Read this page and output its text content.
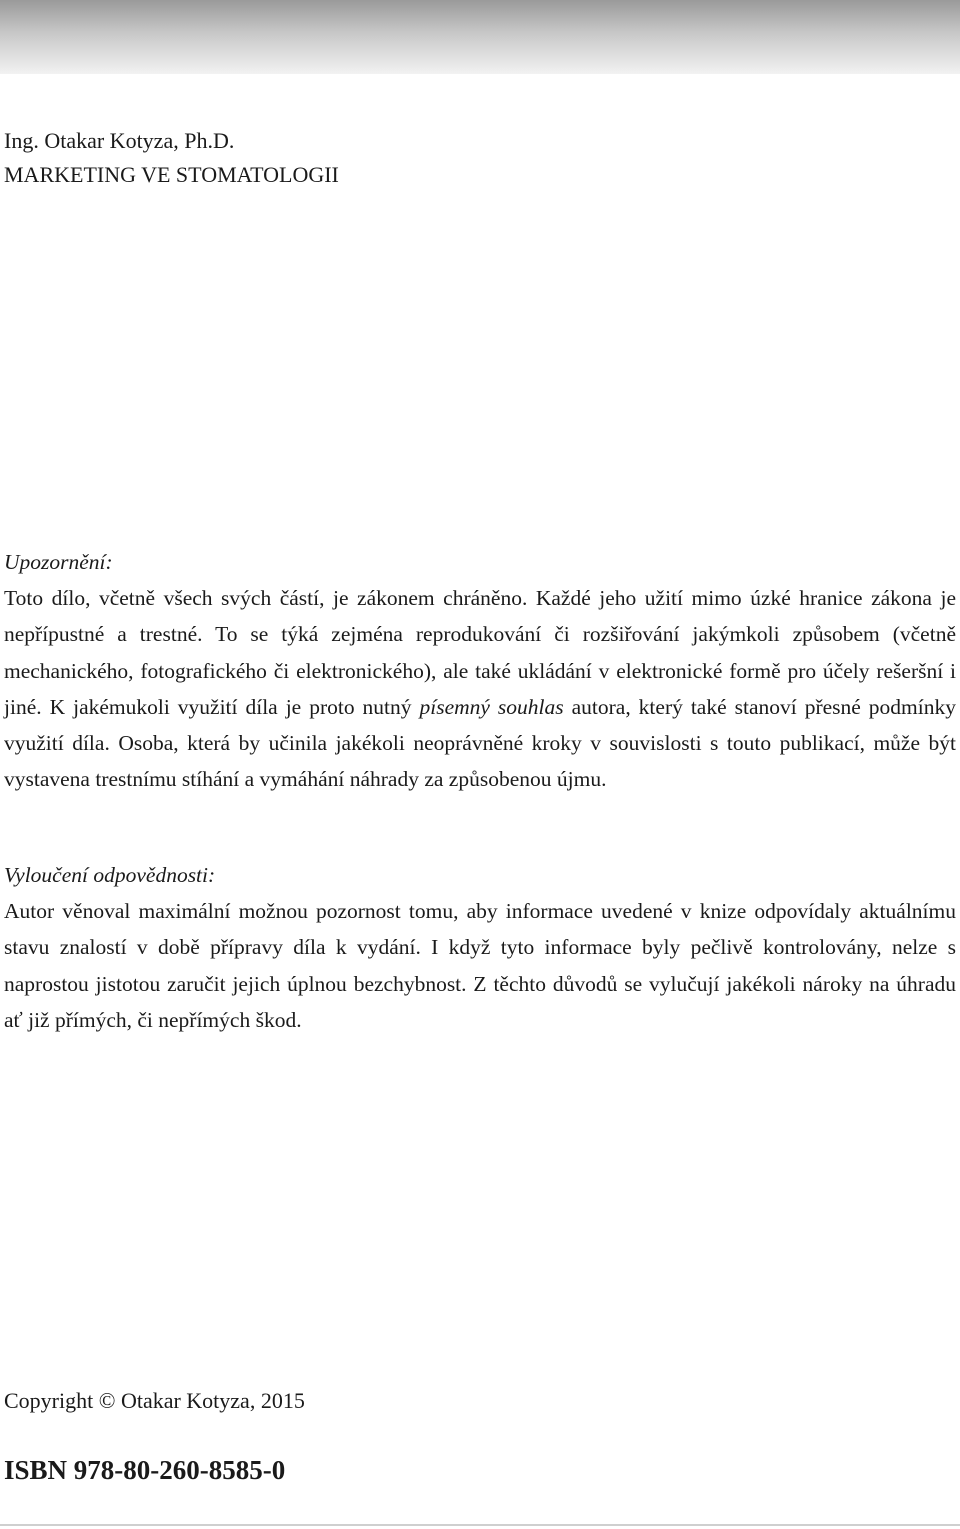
Ing. Otakar Kotyza, Ph.D.
MARKETING VE STOMATOLOGII
Upozornění:

Toto dílo, včetně všech svých částí, je zákonem chráněno. Každé jeho užití mimo úzké hranice zákona je nepřípustné a trestné. To se týká zejména reprodukování či rozšiřování jakýmkoli způsobem (včetně mechanického, fotografického či elektronického), ale také ukládání v elektronické formě pro účely rešeršní i jiné. K jakémukoli využití díla je proto nutný písemný souhlas autora, který také stanoví přesné podmínky využití díla. Osoba, která by učinila jakékoli neoprávněné kroky v souvislosti s touto publikací, může být vystavena trestnímu stíhání a vymáhání náhrady za způsobenou újmu.

Vyloučení odpovědnosti:

Autor věnoval maximální možnou pozornost tomu, aby informace uvedené v knize odpovídaly aktuálnímu stavu znalostí v době přípravy díla k vydání. I když tyto informace byly pečlivě kontrolovány, nelze s naprostou jistotou zaručit jejich úplnou bezchybnost. Z těchto důvodů se vylučují jakékoli nároky na úhradu ať již přímých, či nepřímých škod.

Copyright © Otakar Kotyza, 2015
ISBN 978-80-260-8585-0
